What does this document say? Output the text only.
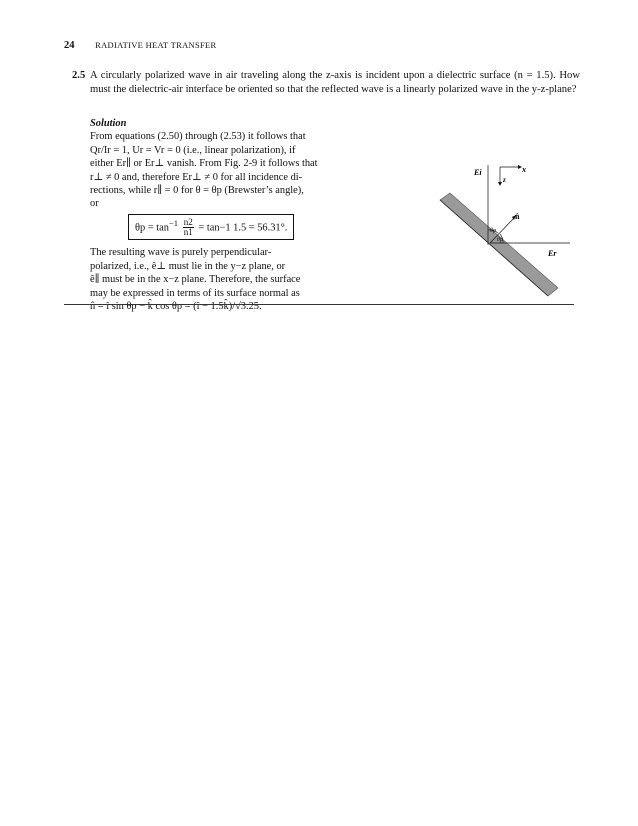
24 RADIATIVE HEAT TRANSFER
2.5 A circularly polarized wave in air traveling along the z-axis is incident upon a dielectric surface (n = 1.5). How must the dielectric-air interface be oriented so that the reflected wave is a linearly polarized wave in the y-z-plane?
Solution

From equations (2.50) through (2.53) it follows that

Qr/Ir = 1, Ur = Vr = 0 (i.e., linear polarization), if

either Er∥ or Er⊥ vanish. From Fig. 2-9 it follows that

r⊥ ≠ 0 and, therefore Er⊥ ≠ 0 for all incidence di-

rections, while r∥ = 0 for θ = θp (Brewster’s angle),

or

$\theta p = \tan^{-1} \frac{n2}{n1} = \tan-1$ 1.5 = 56.31°.

The resulting wave is purely perpendicular-

polarized, i.e., ê⊥ must lie in the y−z plane, or

ê∥ must be in the x−z plane. Therefore, the surface

may be expressed in terms of its surface normal as

n̂ = î sin θp − k̂ cos θp = (î − 1.5k̂)/√3.25.

Ei	x
z
n̂
θp
θp
Er
